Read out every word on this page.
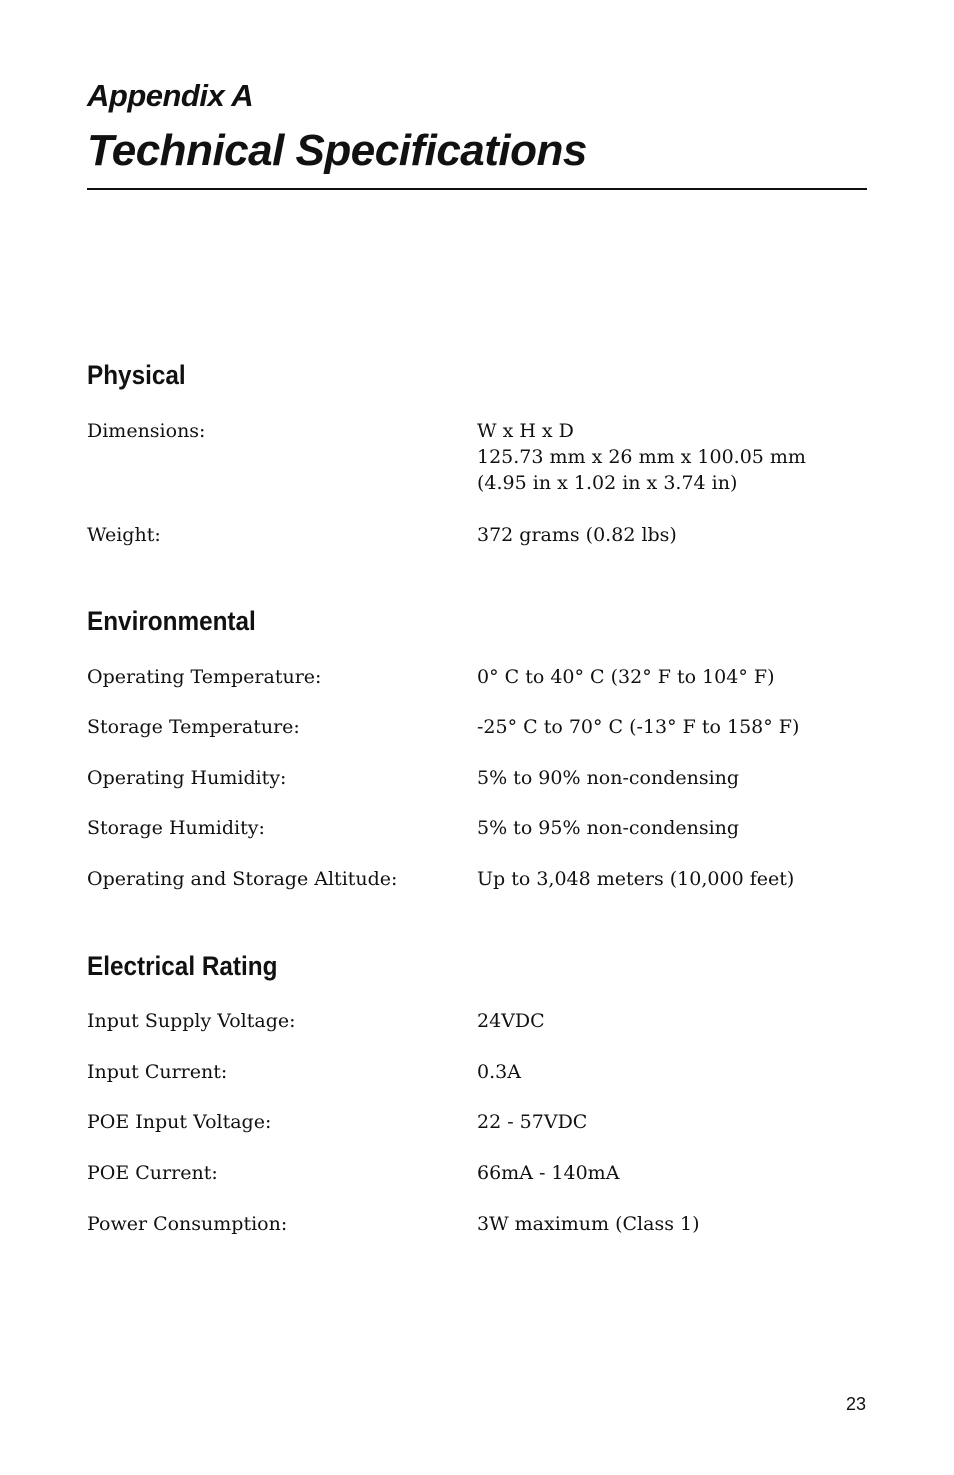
Appendix A
Technical Specifications
Physical
Dimensions:	W x H x D
125.73 mm x 26 mm x 100.05 mm
(4.95 in x 1.02 in x 3.74 in)
Weight:	372 grams (0.82 lbs)
Environmental
Operating Temperature:	0° C to 40° C (32° F to 104° F)
Storage Temperature:	-25° C to 70° C (-13° F to 158° F)
Operating Humidity:	5% to 90% non-condensing
Storage Humidity:	5% to 95% non-condensing
Operating and Storage Altitude:	Up to 3,048 meters (10,000 feet)
Electrical Rating
Input Supply Voltage:	24VDC
Input Current:	0.3A
POE Input Voltage:	22 - 57VDC
POE Current:	66mA - 140mA
Power Consumption:	3W maximum (Class 1)
23
